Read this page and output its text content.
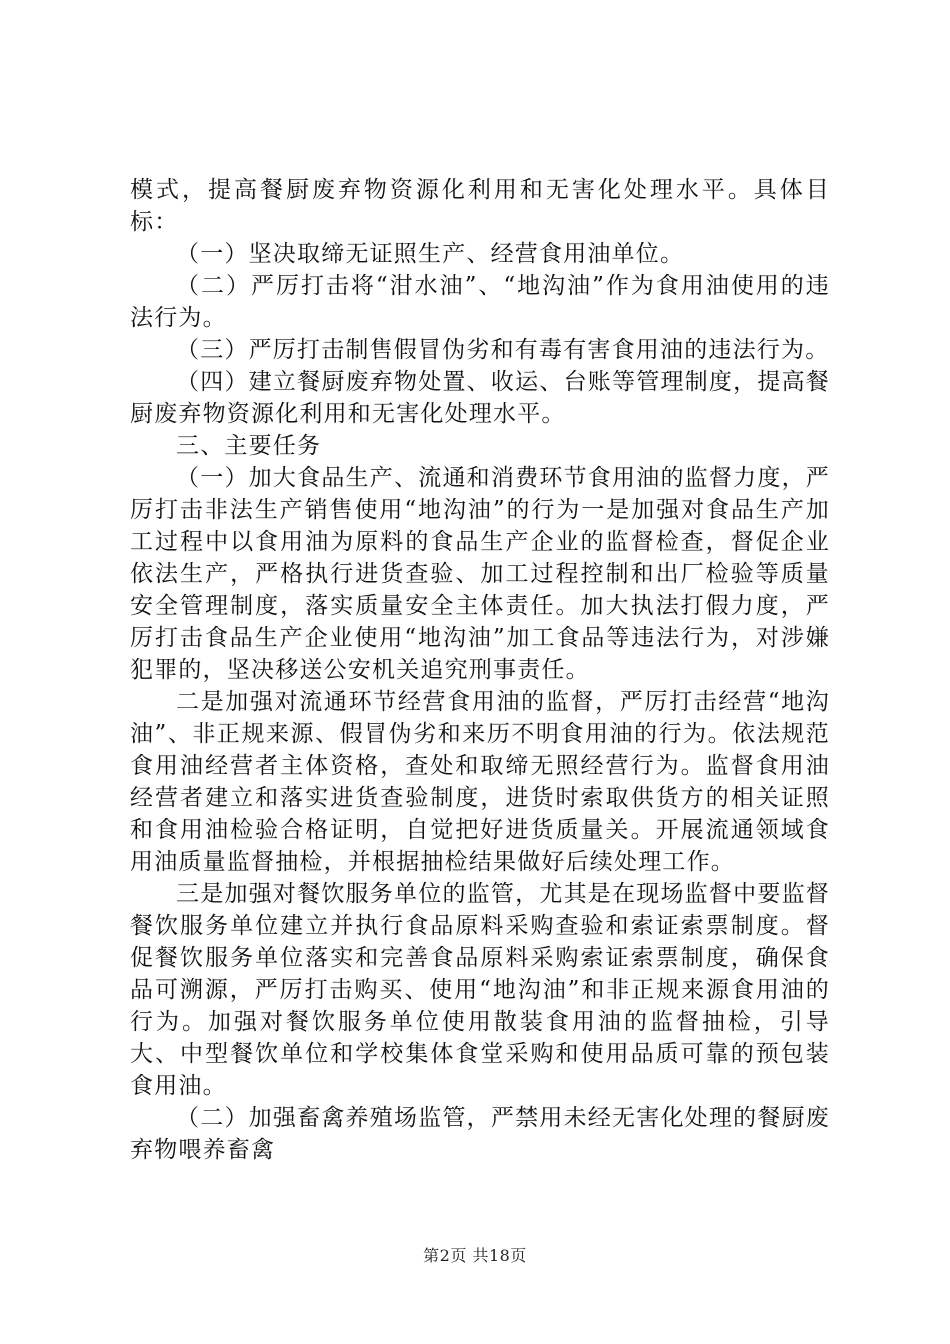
模式，提高餐厨废弃物资源化利用和无害化处理水平。具体目标：

（一）坚决取缔无证照生产、经营食用油单位。

（二）严厉打击将“泔水油”、“地沟油”作为食用油使用的违法行为。

（三）严厉打击制售假冒伪劣和有毒有害食用油的违法行为。

（四）建立餐厨废弃物处置、收运、台账等管理制度，提高餐厨废弃物资源化利用和无害化处理水平。

三、主要任务

（一）加大食品生产、流通和消费环节食用油的监督力度，严厉打击非法生产销售使用“地沟油”的行为一是加强对食品生产加工过程中以食用油为原料的食品生产企业的监督检查，督促企业依法生产，严格执行进货查验、加工过程控制和出厂检验等质量安全管理制度，落实质量安全主体责任。加大执法打假力度，严厉打击食品生产企业使用“地沟油”加工食品等违法行为，对涉嫌犯罪的，坚决移送公安机关追究刑事责任。

二是加强对流通环节经营食用油的监督，严厉打击经营“地沟油”、非正规来源、假冒伪劣和来历不明食用油的行为。依法规范食用油经营者主体资格，查处和取缔无照经营行为。监督食用油经营者建立和落实进货查验制度，进货时索取供货方的相关证照和食用油检验合格证明，自觉把好进货质量关。开展流通领域食用油质量监督抽检，并根据抽检结果做好后续处理工作。

三是加强对餐饮服务单位的监管，尤其是在现场监督中要监督餐饮服务单位建立并执行食品原料采购查验和索证索票制度。督促餐饮服务单位落实和完善食品原料采购索证索票制度，确保食品可溯源，严厉打击购买、使用“地沟油”和非正规来源食用油的行为。加强对餐饮服务单位使用散装食用油的监督抽检，引导大、中型餐饮单位和学校集体食堂采购和使用品质可靠的预包装食用油。

（二）加强畜禽养殖场监管，严禁用未经无害化处理的餐厨废弃物喂养畜禽

第2页 共18页
